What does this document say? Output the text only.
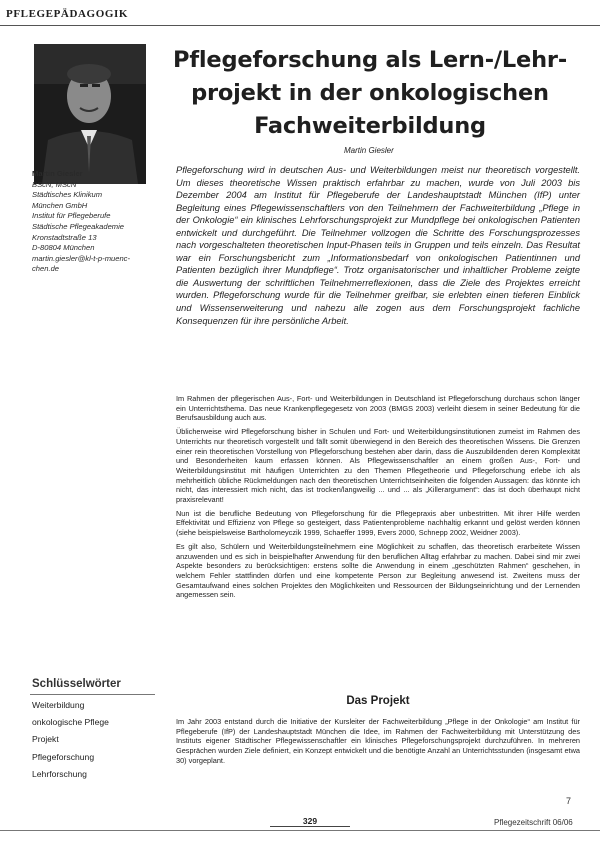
PFLEGEPÄDAGOGIK
Pflegeforschung als Lern-/Lehr-
projekt in der onkologischen
Fachweiterbildung
Martin Giesler
Martin Giesler
BScN, MScN
Städtisches Klinikum
München GmbH
Institut für Pflegeberufe
Städtische Pflegeakademie
Kronstadtstraße 13
D-80804 München
martin.giesler@kl-t-p-muenc-
chen.de
Pflegeforschung wird in deutschen Aus- und Weiterbildungen meist nur theoretisch vorgestellt. Um dieses theoretische Wissen praktisch erfahrbar zu machen, wurde von Juli 2003 bis Dezember 2004 am Institut für Pflegeberufe der Landeshauptstadt München (IfP) unter Begleitung eines Pflegewissenschaftlers von den Teilnehmern der Fachweiterbildung „Pflege in der Onkologie“ ein klinisches Lehrforschungsprojekt zur Mundpflege bei onkologischen Patienten entwickelt und durchgeführt. Die Teilnehmer vollzogen die Schritte des Forschungsprozesses nach vorgeschalteten theoretischen Input-Phasen teils in Gruppen und teils einzeln. Das Resultat war ein Forschungsbericht zum „Informationsbedarf von onkologischen Patientinnen und Patienten bezüglich ihrer Mundpflege“. Trotz organisatorischer und inhaltlicher Probleme zeigte die Auswertung der schriftlichen Teilnehmerreflexionen, dass die Ziele des Projektes erreicht wurden. Pflegeforschung wurde für die Teilnehmer greifbar, sie erlebten einen tieferen Einblick und Wissenserweiterung und nahezu alle zogen aus dem Forschungsprojekt fachliche Konsequenzen für ihre persönliche Arbeit.

Im Rahmen der pflegerischen Aus-, Fort- und Weiterbildungen in Deutschland ist Pflegeforschung durchaus schon länger ein Unterrichtsthema. Das neue Krankenpflegegesetz von 2003 (BMGS 2003) verleiht diesem in seiner Bedeutung für die Berufsausbildung auch aus.

Üblicherweise wird Pflegeforschung bisher in Schulen und Fort- und Weiterbildungsinstitutionen zumeist im Rahmen des Unterrichts nur theoretisch vorgestellt und fällt somit überwiegend in den Bereich des theoretischen Wissens. Die Grenzen einer rein theoretischen Vorstellung von Pflegeforschung bestehen aber darin, dass die Auszubildenden deren Komplexität und Besonderheiten kaum erfassen können. Als Pflegewissenschaftler an einem großen Aus-, Fort- und Weiterbildungsinstitut mit häufigen Unterrichten zu den Themen Pflegetheorie und Pflegeforschung erlebe ich als mehrheitlich übliche Rückmeldungen nach den theoretischen Unterrichtseinheiten die folgenden Aussagen: das könnte ich nicht, das interessiert mich nicht, das ist trocken/langweilig ... und ... als „Killerargument“: das ist doch überhaupt nicht praxisrelevant!

Nun ist die berufliche Bedeutung von Pflegeforschung für die Pflegepraxis aber unbestritten. Mit ihrer Hilfe werden Effektivität und Effizienz von Pflege so gesteigert, dass Patientenprobleme nachhaltig erkannt und gelöst werden können (siehe beispielsweise Bartholomeyczik 1999, Schaeffer 1999, Evers 2000, Schnepp 2002, Weidner 2003).

Es gilt also, Schülern und Weiterbildungsteilnehmern eine Möglichkeit zu schaffen, das theoretisch erarbeitete Wissen anzuwenden und es sich in beispielhafter Anwendung für den beruflichen Alltag erfahrbar zu machen. Dabei sind mir zwei Aspekte besonders zu berücksichtigen: erstens sollte die Anwendung in einem „geschützten Rahmen“ geschehen, in welchem Fehler stattfinden dürfen und eine kompetente Person zur Begleitung anwesend ist. Zweitens muss der Gesamtaufwand eines solchen Projektes den Möglichkeiten und Ressourcen der Bildungseinrichtung und der Lernenden angemessen sein.

Schlüsselwörter
Weiterbildung
onkologische Pflege
Projekt
Pflegeforschung
Lehrforschung
Das Projekt

Im Jahr 2003 entstand durch die Initiative der Kursleiter der Fachweiterbildung „Pflege in der Onkologie“ am Institut für Pflegeberufe (IfP) der Landeshauptstadt München die Idee, im Rahmen der Fachweiterbildung mit Unterstützung des Instituts eigener Städtischer Pflegewissenschaftler ein klinisches Pflegeforschungsprojekt durchzuführen. In mehreren Gesprächen wurden Ziele definiert, ein Konzept entwickelt und die benötigte Anzahl an Unterrichtsstunden (insgesamt etwa 30) vorgeplant.

7
329	Pflegezeitschrift 06/06
